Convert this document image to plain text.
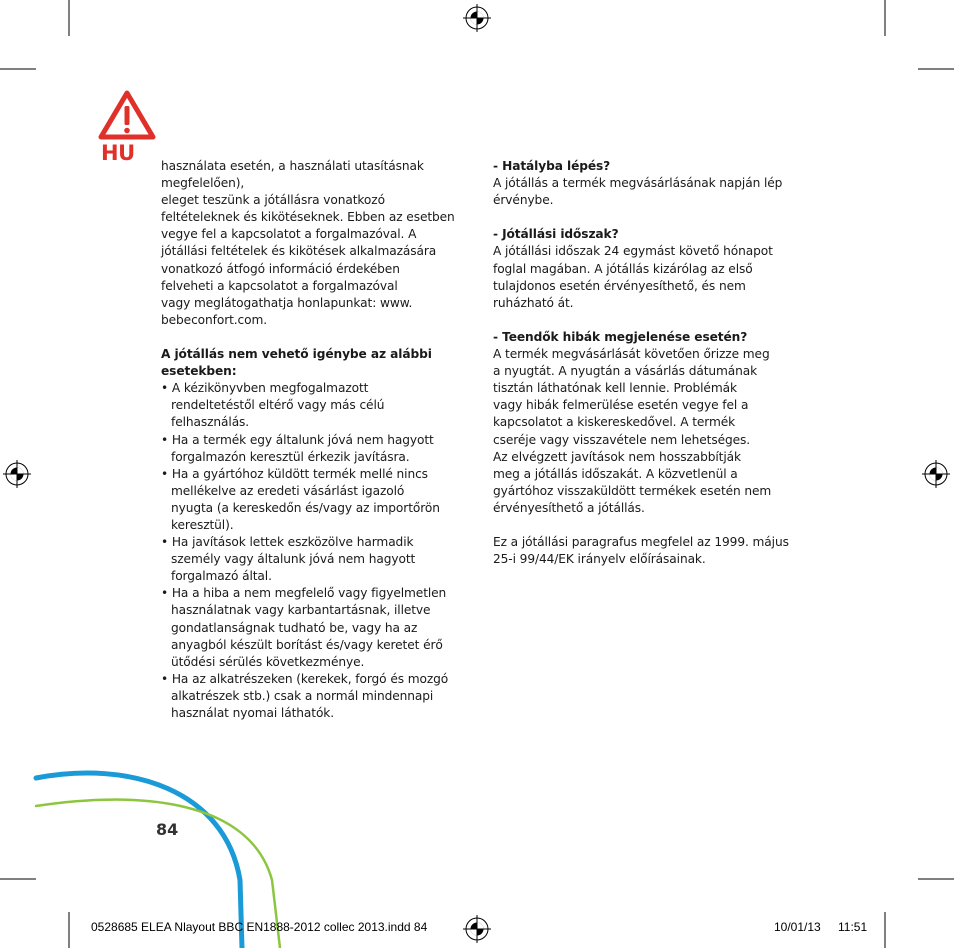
HU
használata esetén, a használati utasításnak
megfelelően),
eleget teszünk a jótállásra vonatkozó
feltételeknek és kikötéseknek. Ebben az esetben
vegye fel a kapcsolatot a forgalmazóval. A
jótállási feltételek és kikötések alkalmazására
vonatkozó átfogó információ érdekében
felveheti a kapcsolatot a forgalmazóval
vagy meglátogathatja honlapunkat: www.
bebeconfort.com.
A jótállás nem vehető igénybe az alábbi
esetekben:
• A kézikönyvben megfogalmazott
rendeltetéstől eltérő vagy más célú
felhasználás.
• Ha a termék egy általunk jóvá nem hagyott
forgalmazón keresztül érkezik javításra.
• Ha a gyártóhoz küldött termék mellé nincs
mellékelve az eredeti vásárlást igazoló
nyugta (a kereskedőn és/vagy az importőrön
keresztül).
• Ha javítások lettek eszközölve harmadik
személy vagy általunk jóvá nem hagyott
forgalmazó által.
• Ha a hiba a nem megfelelő vagy figyelmetlen
használatnak vagy karbantartásnak, illetve
gondatlanságnak tudható be, vagy ha az
anyagból készült borítást és/vagy keretet érő
ütődési sérülés következménye.
• Ha az alkatrészeken (kerekek, forgó és mozgó
alkatrészek stb.) csak a normál mindennapi
használat nyomai láthatók.
- Hatályba lépés?
A jótállás a termék megvásárlásának napján lép
érvénybe.
- Jótállási időszak?
A jótállási időszak 24 egymást követő hónapot
foglal magában. A jótállás kizárólag az első
tulajdonos esetén érvényesíthető, és nem
ruházható át.
- Teendők hibák megjelenése esetén?
A termék megvásárlását követően őrizze meg
a nyugtát. A nyugtán a vásárlás dátumának
tisztán láthatónak kell lennie. Problémák
vagy hibák felmerülése esetén vegye fel a
kapcsolatot a kiskereskedővel. A termék
cseréje vagy visszavétele nem lehetséges.
Az elvégzett javítások nem hosszabbítják
meg a jótállás időszakát. A közvetlenül a
gyártóhoz visszaküldött termékek esetén nem
érvényesíthető a jótállás.
Ez a jótállási paragrafus megfelel az 1999. május
25-i 99/44/EK irányelv előírásainak.
84
0528685 ELEA Nlayout BBC EN1888-2012 collec 2013.indd 84	10/01/13 11:51
